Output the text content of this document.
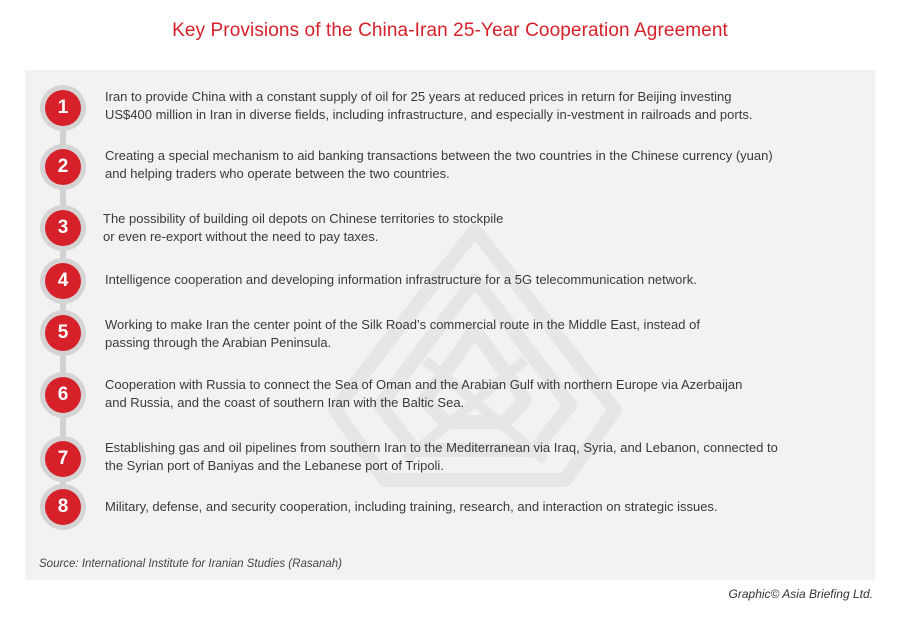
Key Provisions of the China-Iran 25-Year Cooperation Agreement
1
Iran to provide China with a constant supply of oil for 25 years at reduced prices in return for Beijing investing
US$400 million in Iran in diverse fields, including infrastructure, and especially in-vestment in railroads and ports.
2
Creating a special mechanism to aid banking transactions between the two countries in the Chinese currency (yuan)
and helping traders who operate between the two countries.
3	The possibility of building oil depots on Chinese territories to stockpile
or even re-export without the need to pay taxes.
4	Intelligence cooperation and developing information infrastructure for a 5G telecommunication network.
5	Working to make Iran the center point of the Silk Road’s commercial route in the Middle East, instead of
passing through the Arabian Peninsula.
6	Cooperation with Russia to connect the Sea of Oman and the Arabian Gulf with northern Europe via Azerbaijan
and Russia, and the coast of southern Iran with the Baltic Sea.
7
Establishing gas and oil pipelines from southern Iran to the Mediterranean via Iraq, Syria, and Lebanon, connected to
the Syrian port of Baniyas and the Lebanese port of Tripoli.
8	Military, defense, and security cooperation, including training, research, and interaction on strategic issues.
Source: International Institute for Iranian Studies (Rasanah)
Graphic© Asia Briefing Ltd.
